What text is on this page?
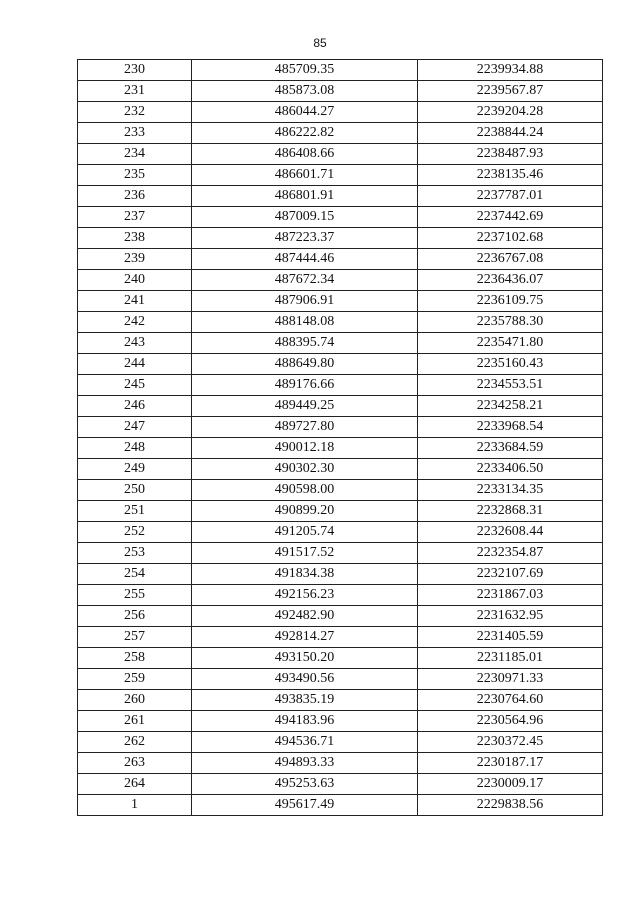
85
230	485709.35	2239934.88
231	485873.08	2239567.87
232	486044.27	2239204.28
233	486222.82	2238844.24
234	486408.66	2238487.93
235	486601.71	2238135.46
236	486801.91	2237787.01
237	487009.15	2237442.69
238	487223.37	2237102.68
239	487444.46	2236767.08
240	487672.34	2236436.07
241	487906.91	2236109.75
242	488148.08	2235788.30
243	488395.74	2235471.80
244	488649.80	2235160.43
245	489176.66	2234553.51
246	489449.25	2234258.21
247	489727.80	2233968.54
248	490012.18	2233684.59
249	490302.30	2233406.50
250	490598.00	2233134.35
251	490899.20	2232868.31
252	491205.74	2232608.44
253	491517.52	2232354.87
254	491834.38	2232107.69
255	492156.23	2231867.03
256	492482.90	2231632.95
257	492814.27	2231405.59
258	493150.20	2231185.01
259	493490.56	2230971.33
260	493835.19	2230764.60
261	494183.96	2230564.96
262	494536.71	2230372.45
263	494893.33	2230187.17
264	495253.63	2230009.17
1	495617.49	2229838.56
